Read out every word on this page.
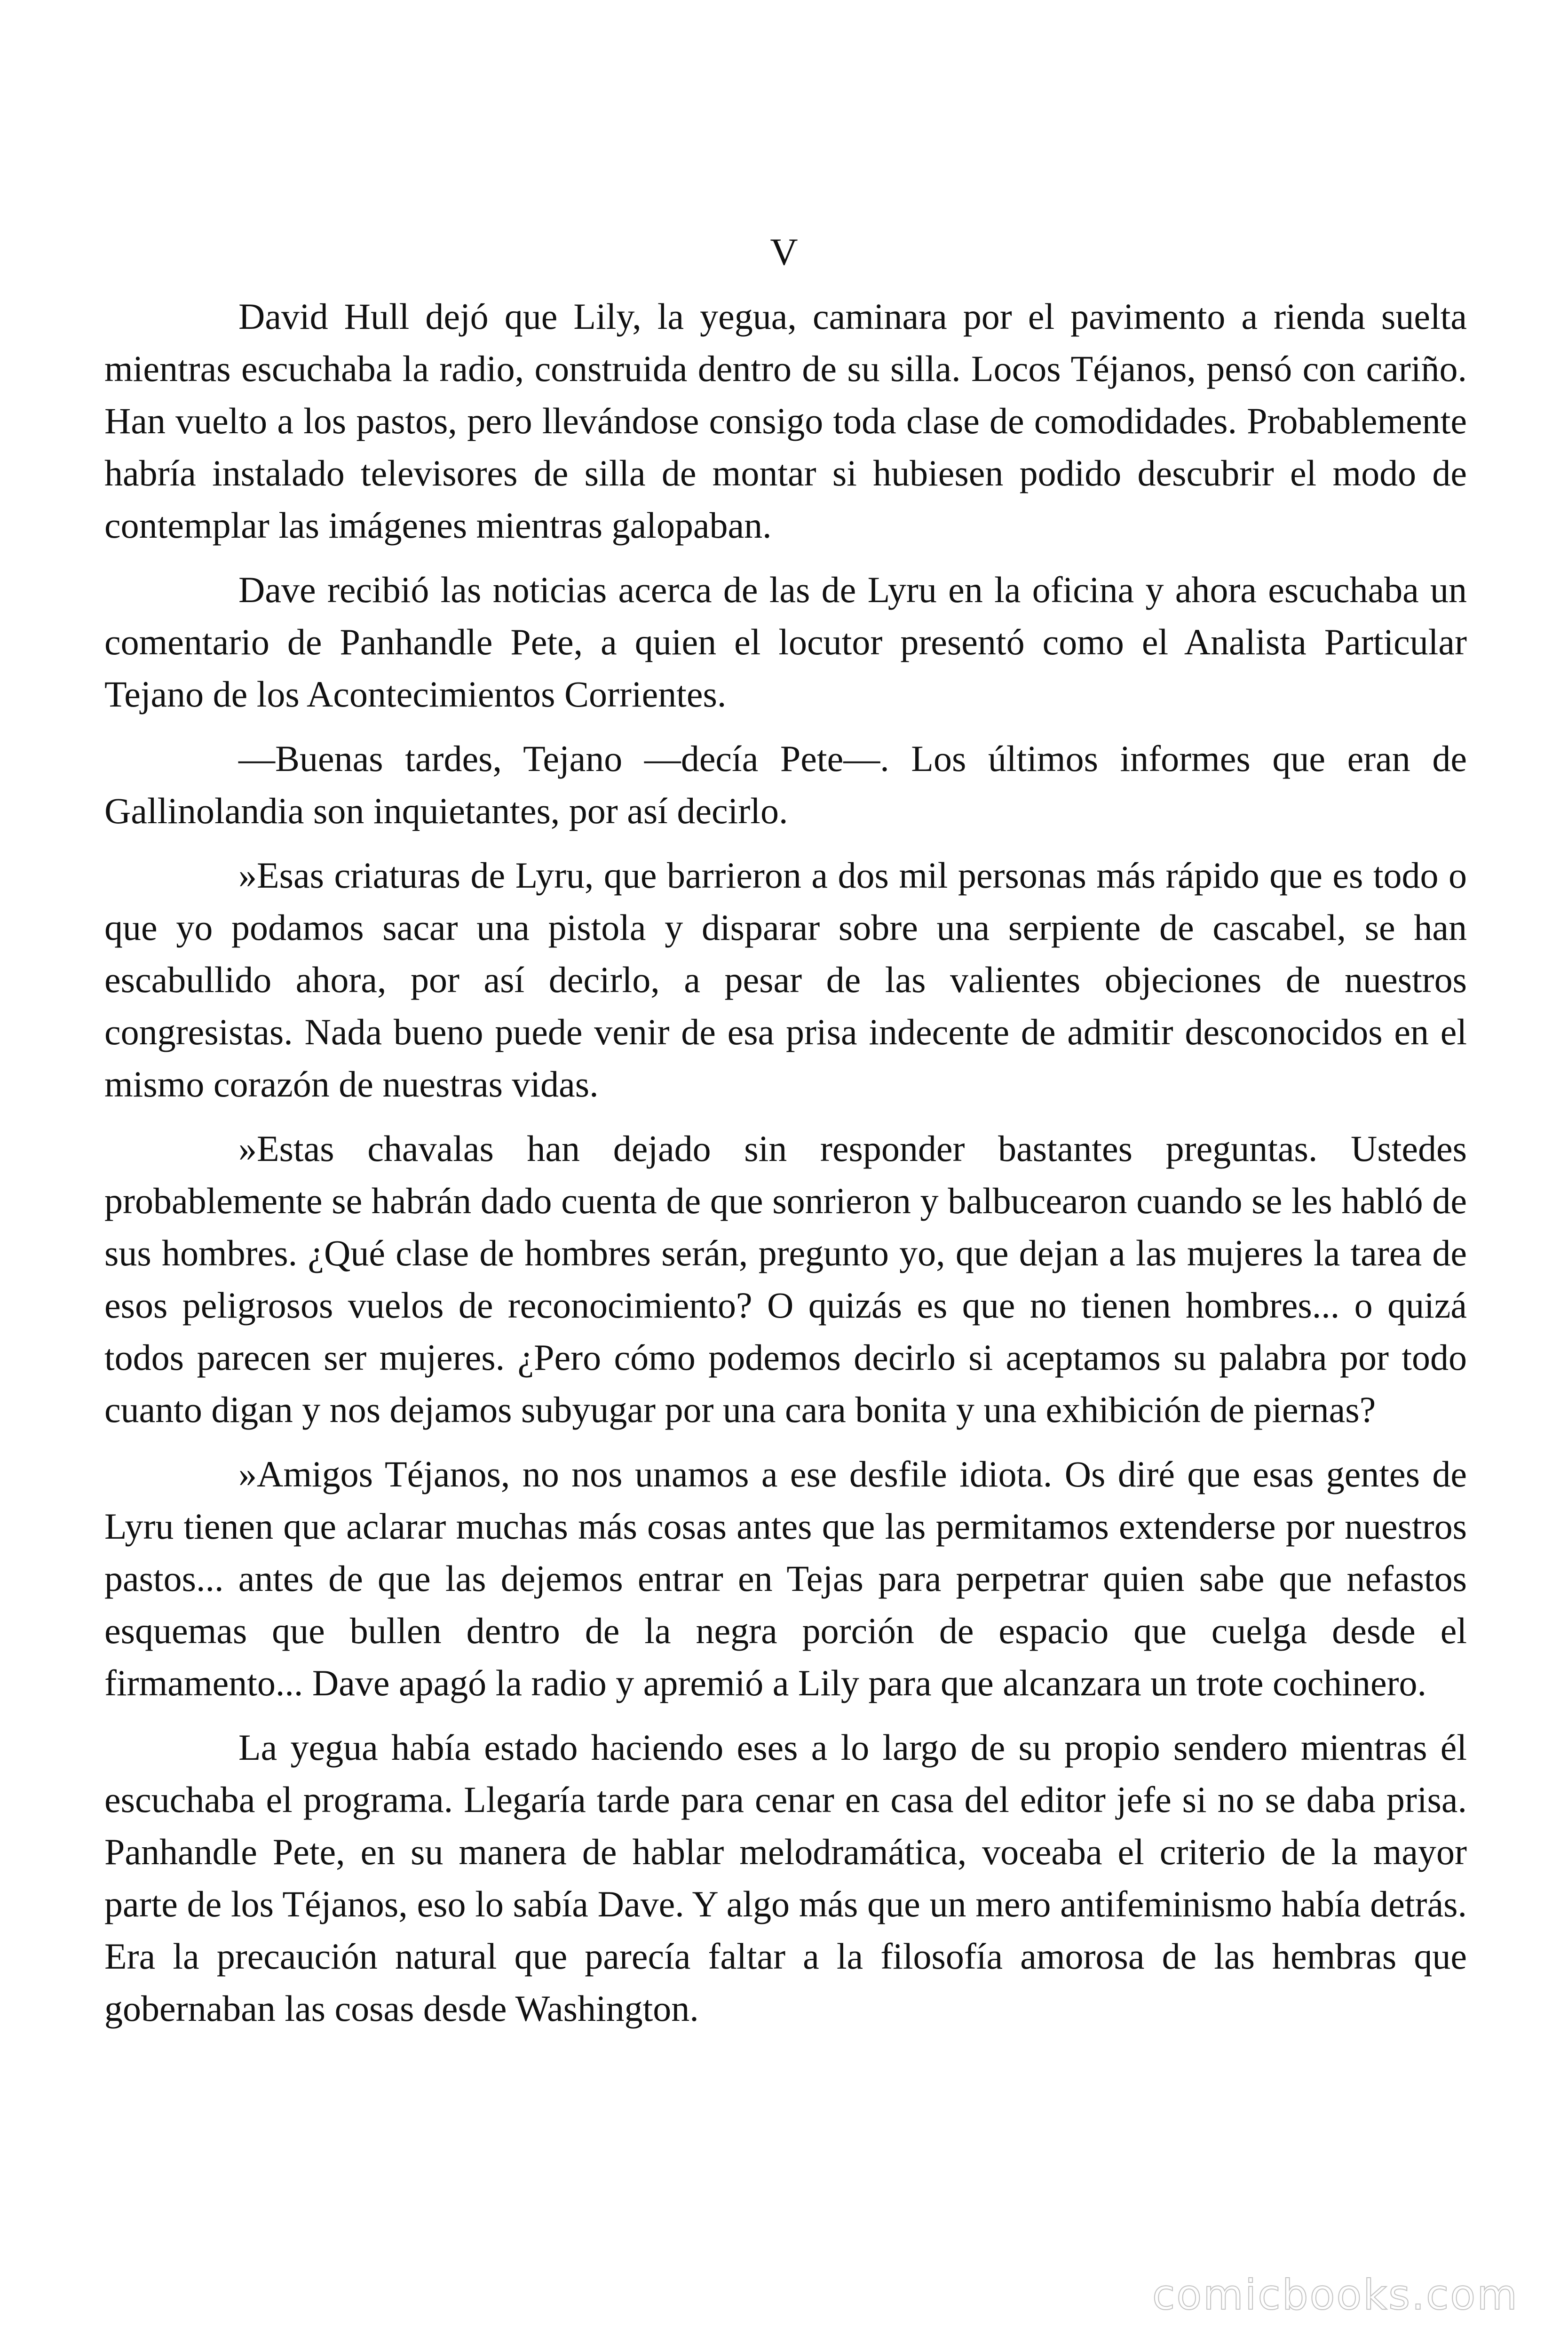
V

David Hull dejó que Lily, la yegua, caminara por el pavimento a rienda suelta mientras escuchaba la radio, construida dentro de su silla. Locos Téjanos, pensó con cariño. Han vuelto a los pastos, pero llevándose consigo toda clase de comodidades. Probablemente habría instalado televisores de silla de montar si hubiesen podido descubrir el modo de contemplar las imágenes mientras galopaban.

Dave recibió las noticias acerca de las de Lyru en la oficina y ahora escuchaba un comentario de Panhandle Pete, a quien el locutor presentó como el Analista Particular Tejano de los Acontecimientos Corrientes.

—Buenas tardes, Tejano —decía Pete—. Los últimos informes que eran de Gallinolandia son inquietantes, por así decirlo.

»Esas criaturas de Lyru, que barrieron a dos mil personas más rápido que es todo o que yo podamos sacar una pistola y disparar sobre una serpiente de cascabel, se han escabullido ahora, por así decirlo, a pesar de las valientes objeciones de nuestros congresistas. Nada bueno puede venir de esa prisa indecente de admitir desconocidos en el mismo corazón de nuestras vidas.

»Estas chavalas han dejado sin responder bastantes preguntas. Ustedes probablemente se habrán dado cuenta de que sonrieron y balbucearon cuando se les habló de sus hombres. ¿Qué clase de hombres serán, pregunto yo, que dejan a las mujeres la tarea de esos peligrosos vuelos de reconocimiento? O quizás es que no tienen hombres... o quizá todos parecen ser mujeres. ¿Pero cómo podemos decirlo si aceptamos su palabra por todo cuanto digan y nos dejamos subyugar por una cara bonita y una exhibición de piernas?

»Amigos Téjanos, no nos unamos a ese desfile idiota. Os diré que esas gentes de Lyru tienen que aclarar muchas más cosas antes que las permitamos extenderse por nuestros pastos... antes de que las dejemos entrar en Tejas para perpetrar quien sabe que nefastos esquemas que bullen dentro de la negra porción de espacio que cuelga desde el firmamento... Dave apagó la radio y apremió a Lily para que alcanzara un trote cochinero.

La yegua había estado haciendo eses a lo largo de su propio sendero mientras él escuchaba el programa. Llegaría tarde para cenar en casa del editor jefe si no se daba prisa. Panhandle Pete, en su manera de hablar melodramática, voceaba el criterio de la mayor parte de los Téjanos, eso lo sabía Dave. Y algo más que un mero antifeminismo había detrás. Era la precaución natural que parecía faltar a la filosofía amorosa de las hembras que gobernaban las cosas desde Washington.

comicbooks.com
